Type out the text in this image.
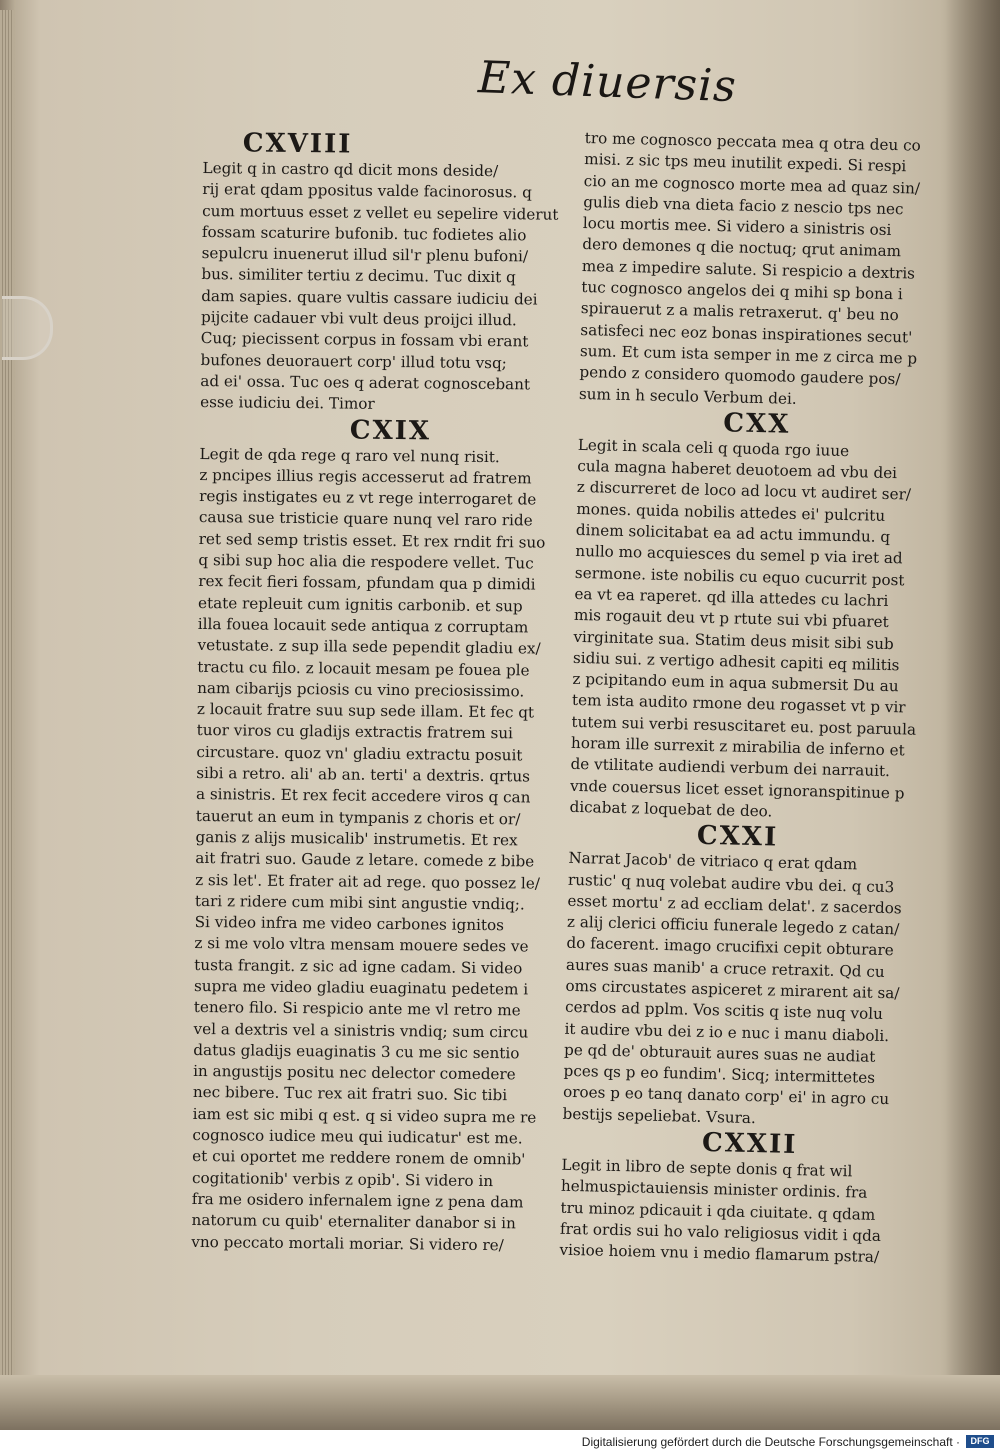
Ex diuersis
CXVIII
Legit q in castro qd dicit mons deside/
rij erat qdam ppositus valde facinorosus. q
cum mortuus esset z vellet eu sepelire viderut
fossam scaturire bufonib. tuc fodietes alio
sepulcru inuenerut illud sil'r plenu bufoni/
bus. similiter tertiu z decimu. Tuc dixit q
dam sapies. quare vultis cassare iudiciu dei
pijcite cadauer vbi vult deus proijci illud.
Cuq; piecissent corpus in fossam vbi erant
bufones deuorauert corp' illud totu vsq;
ad ei' ossa. Tuc oes q aderat cognoscebant
esse iudiciu dei. Timor
CXIX
Legit de qda rege q raro vel nunq risit.
z pncipes illius regis accesserut ad fratrem
regis instigates eu z vt rege interrogaret de
causa sue tristicie quare nunq vel raro ride
ret sed semp tristis esset. Et rex rndit fri suo
q sibi sup hoc alia die respodere vellet. Tuc
rex fecit fieri fossam, pfundam qua p dimidi
etate repleuit cum ignitis carbonib. et sup
illa fouea locauit sede antiqua z corruptam
vetustate. z sup illa sede pependit gladiu ex/
tractu cu filo. z locauit mesam pe fouea ple
nam cibarijs pciosis cu vino preciosissimo.
z locauit fratre suu sup sede illam. Et fec qt
tuor viros cu gladijs extractis fratrem sui
circustare. quoz vn' gladiu extractu posuit
sibi a retro. ali' ab an. terti' a dextris. qrtus
a sinistris. Et rex fecit accedere viros q can
tauerut an eum in tympanis z choris et or/
ganis z alijs musicalib' instrumetis. Et rex
ait fratri suo. Gaude z letare. comede z bibe
z sis let'. Et frater ait ad rege. quo possez le/
tari z ridere cum mibi sint angustie vndiq;.
Si video infra me video carbones ignitos
z si me volo vltra mensam mouere sedes ve
tusta frangit. z sic ad igne cadam. Si video
supra me video gladiu euaginatu pedetem i
tenero filo. Si respicio ante me vl retro me
vel a dextris vel a sinistris vndiq; sum circu
datus gladijs euaginatis 3 cu me sic sentio
in angustijs positu nec delector comedere
nec bibere. Tuc rex ait fratri suo. Sic tibi
iam est sic mibi q est. q si video supra me re
cognosco iudice meu qui iudicatur' est me.
et cui oportet me reddere ronem de omnib'
cogitationib' verbis z opib'. Si videro in
fra me osidero infernalem igne z pena dam
natorum cu quib' eternaliter danabor si in
vno peccato mortali moriar. Si videro re/
tro me cognosco peccata mea q otra deu co
misi. z sic tps meu inutilit expedi. Si respi
cio an me cognosco morte mea ad quaz sin/
gulis dieb vna dieta facio z nescio tps nec
locu mortis mee. Si videro a sinistris osi
dero demones q die noctuq; qrut animam
mea z impedire salute. Si respicio a dextris
tuc cognosco angelos dei q mihi sp bona i
spirauerut z a malis retraxerut. q' beu no
satisfeci nec eoz bonas inspirationes secut'
sum. Et cum ista semper in me z circa me p
pendo z considero quomodo gaudere pos/
sum in h seculo Verbum dei.
CXX
Legit in scala celi q quoda rgo iuue
cula magna haberet deuotoem ad vbu dei
z discurreret de loco ad locu vt audiret ser/
mones. quida nobilis attedes ei' pulcritu
dinem solicitabat ea ad actu immundu. q
nullo mo acquiesces du semel p via iret ad
sermone. iste nobilis cu equo cucurrit post
ea vt ea raperet. qd illa attedes cu lachri
mis rogauit deu vt p rtute sui vbi pfuaret
virginitate sua. Statim deus misit sibi sub
sidiu sui. z vertigo adhesit capiti eq militis
z pcipitando eum in aqua submersit Du au
tem ista audito rmone deu rogasset vt p vir
tutem sui verbi resuscitaret eu. post paruula
horam ille surrexit z mirabilia de inferno et
de vtilitate audiendi verbum dei narrauit.
vnde couersus licet esset ignoranspitinue p
dicabat z loquebat de deo.
CXXI
Narrat Jacob' de vitriaco q erat qdam
rustic' q nuq volebat audire vbu dei. q cu3
esset mortu' z ad eccliam delat'. z sacerdos
z alij clerici officiu funerale legedo z catan/
do facerent. imago crucifixi cepit obturare
aures suas manib' a cruce retraxit. Qd cu
oms circustates aspiceret z mirarent ait sa/
cerdos ad pplm. Vos scitis q iste nuq volu
it audire vbu dei z io e nuc i manu diaboli.
pe qd de' obturauit aures suas ne audiat
pces qs p eo fundim'. Sicq; intermittetes
oroes p eo tanq danato corp' ei' in agro cu
bestijs sepeliebat. Vsura.
CXXII
Legit in libro de septe donis q frat wil
helmuspictauiensis minister ordinis. fra
tru minoz pdicauit i qda ciuitate. q qdam
frat ordis sui ho valo religiosus vidit i qda
visioe hoiem vnu i medio flamarum pstra/
Digitalisierung gefördert durch die Deutsche Forschungsgemeinschaft ·	DFG
